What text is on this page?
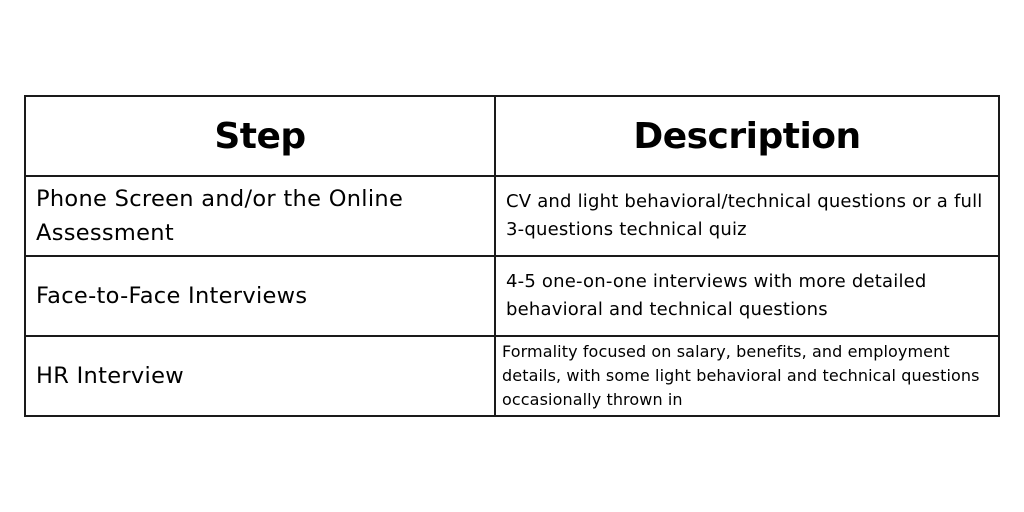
Step	Description
Phone Screen and/or the Online Assessment
CV and light behavioral/technical questions or a full 3-questions technical quiz
Face-to-Face Interviews
4-5 one-on-one interviews with more detailed behavioral and technical questions
HR Interview
Formality focused on salary, benefits, and employment details, with some light behavioral and technical questions occasionally thrown in
